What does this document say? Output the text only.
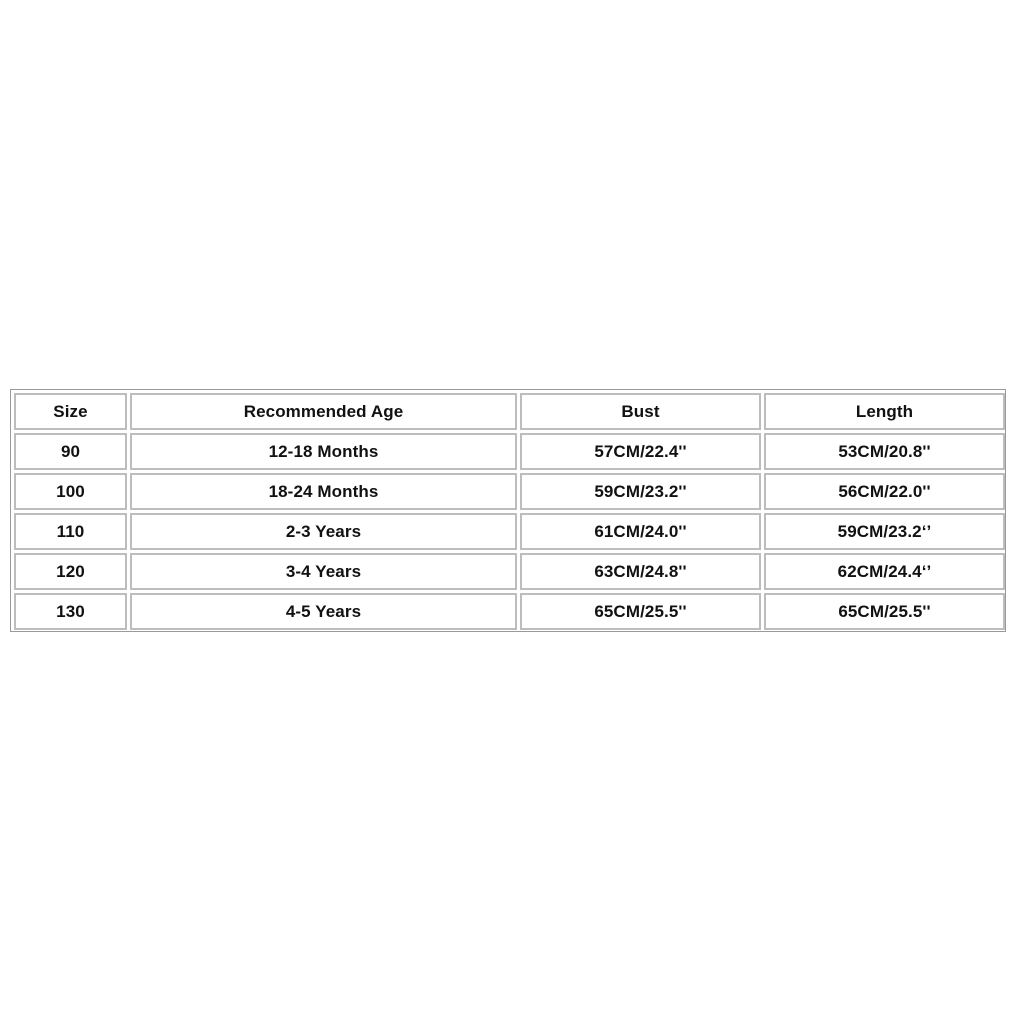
Size	Recommended Age	Bust	Length
90	12-18 Months	57CM/22.4''	53CM/20.8''
100	18-24 Months	59CM/23.2''	56CM/22.0''
110	2-3 Years	61CM/24.0''	59CM/23.2‘’
120	3-4 Years	63CM/24.8''	62CM/24.4‘’
130	4-5 Years	65CM/25.5''	65CM/25.5''
